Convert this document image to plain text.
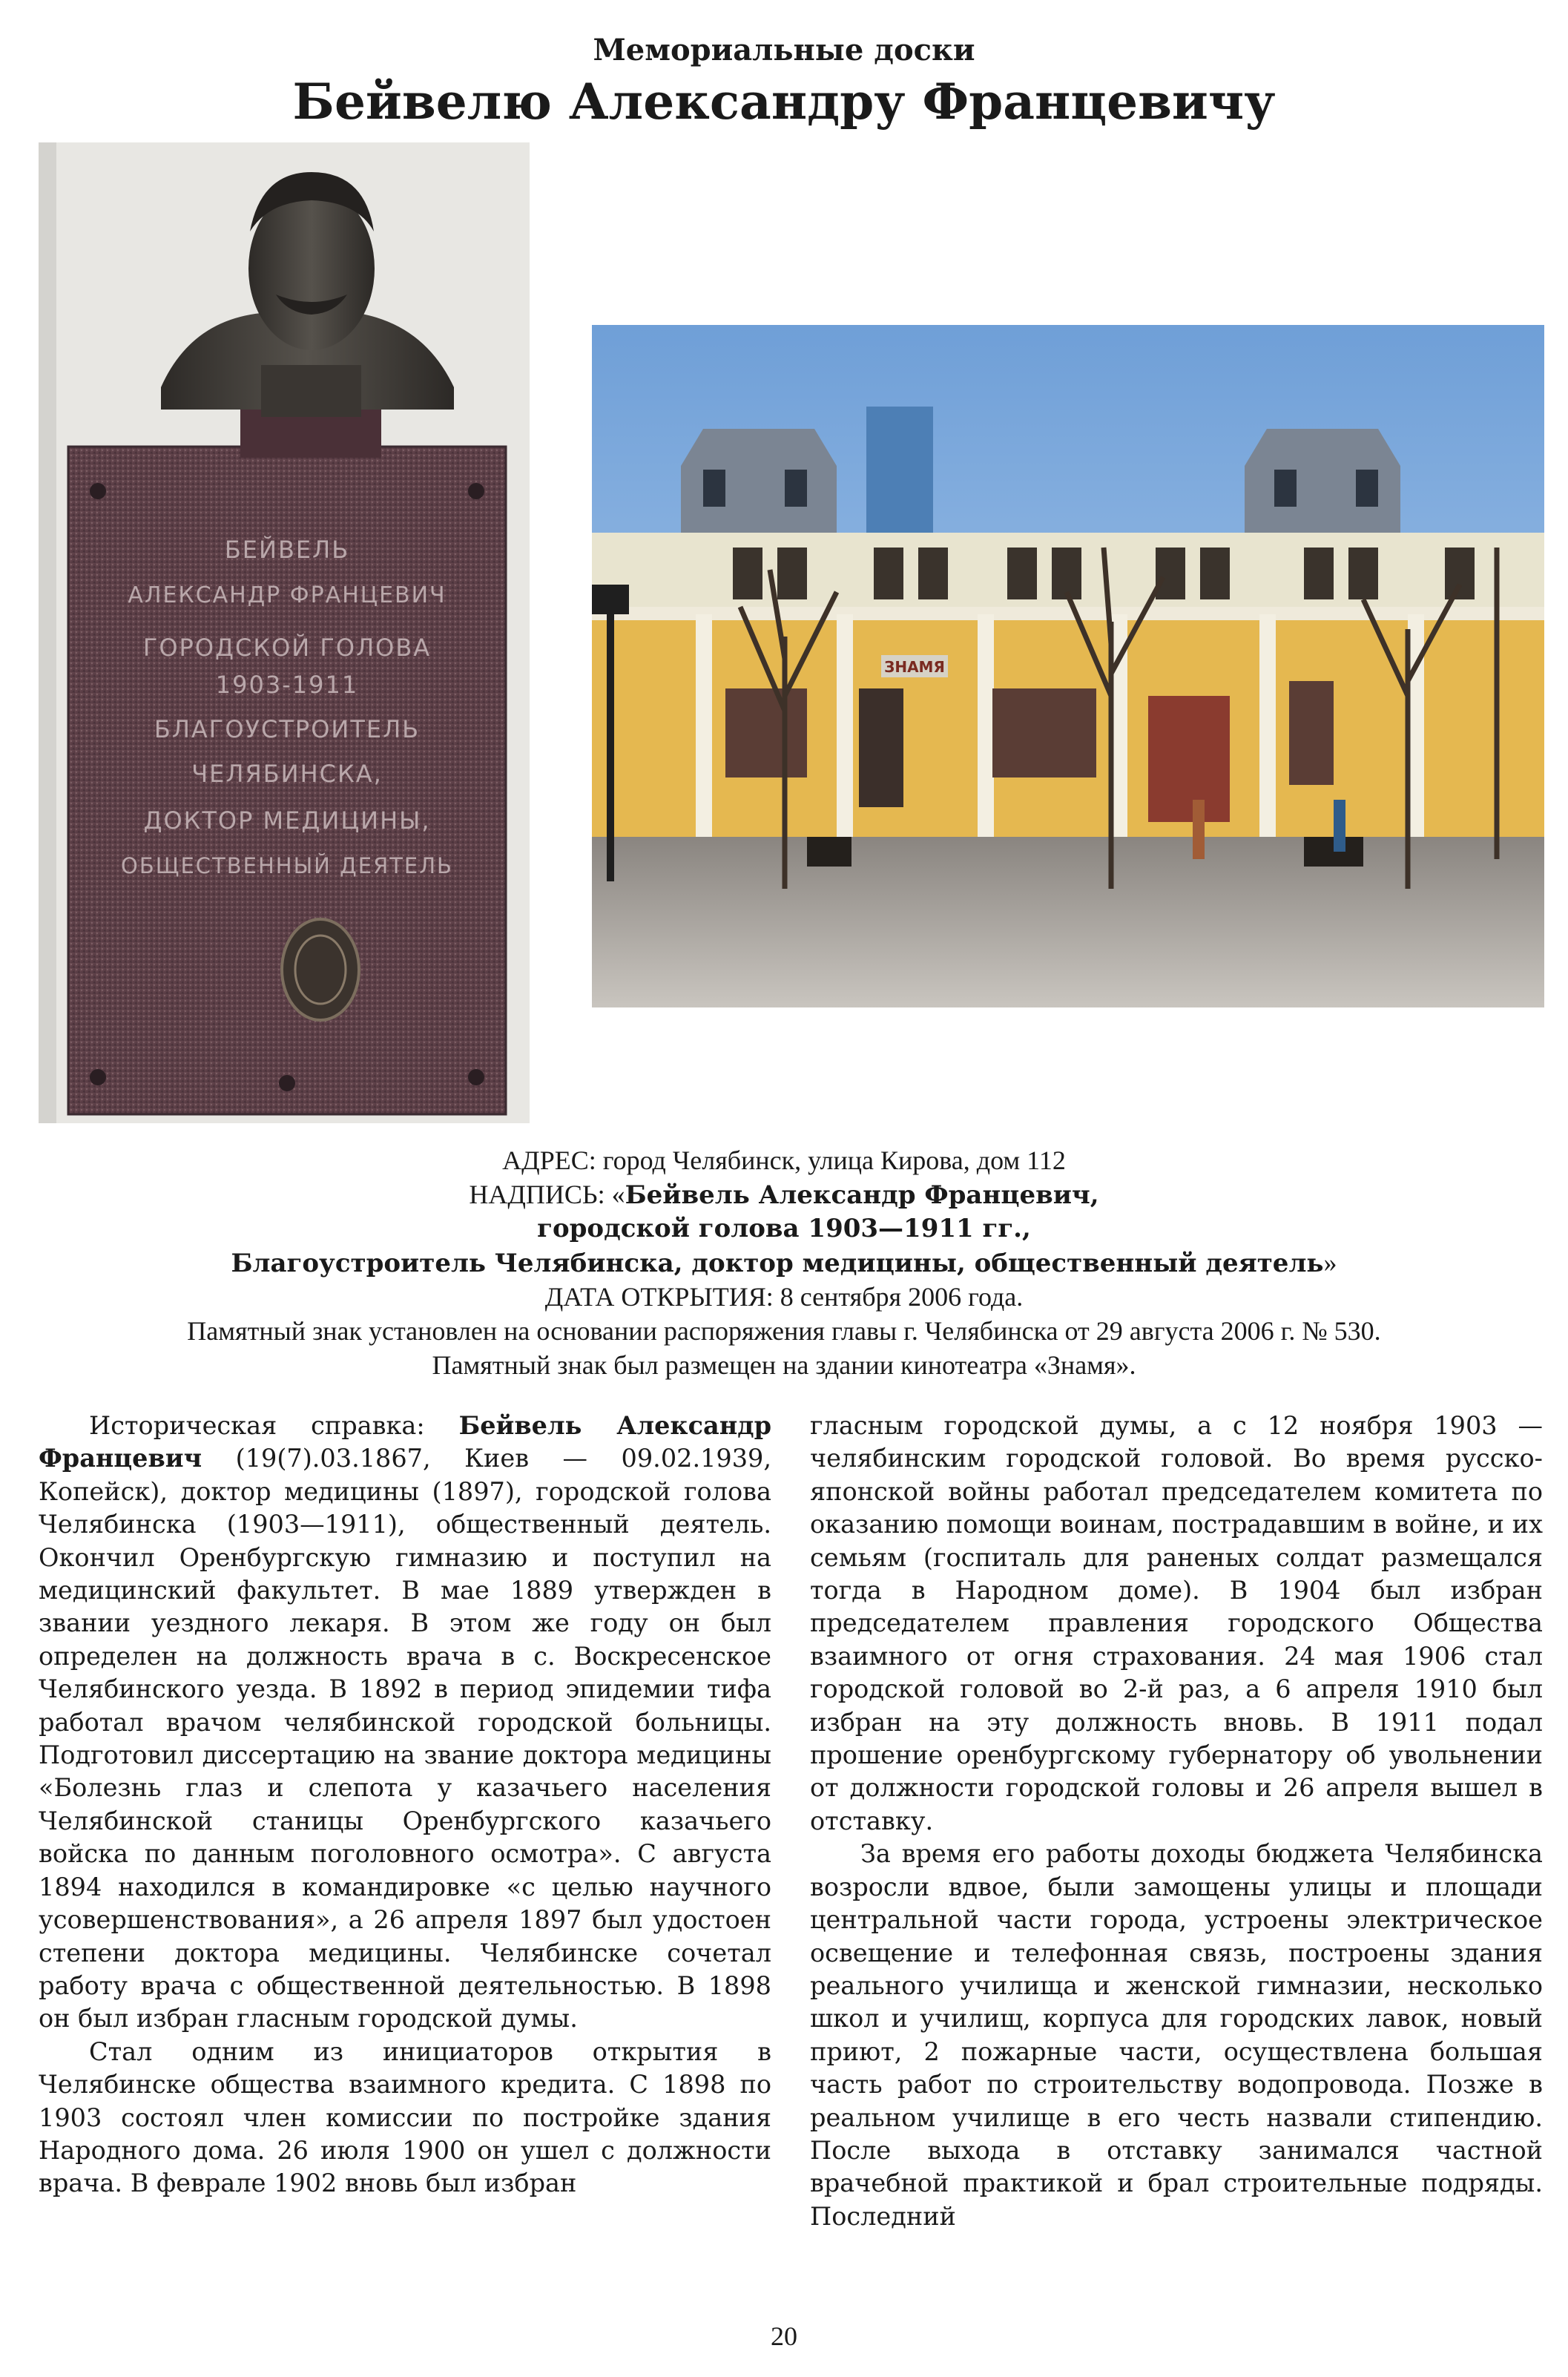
Мемориальные доски
Бейвелю Александру Францевичу
БЕЙВЕЛЬ
АЛЕКСАНДР ФРАНЦЕВИЧ
ГОРОДСКОЙ ГОЛОВА
1903-1911
БЛАГОУСТРОИТЕЛЬ
ЧЕЛЯБИНСКА,
ДОКТОР МЕДИЦИНЫ,
ОБЩЕСТВЕННЫЙ ДЕЯТЕЛЬ
ЗНАМЯ
АДРЕС: город Челябинск, улица Кирова, дом 112
НАДПИСЬ: «Бейвель Александр Францевич,
городской голова 1903—1911 гг.,
Благоустроитель Челябинска, доктор медицины, общественный деятель»
ДАТА ОТКРЫТИЯ: 8 сентября 2006 года.
Памятный знак установлен на основании распоряжения главы г. Челябинска от 29 августа 2006 г. № 530.
Памятный знак был размещен на здании кинотеатра «Знамя».

Историческая справка: Бейвель Александр Францевич (19(7).03.1867, Киев — 09.02.1939, Копейск), доктор медицины (1897), городской голова Челябинска (1903—1911), общественный деятель. Окончил Оренбургскую гимназию и поступил на медицинский факультет. В мае 1889 утвержден в звании уездного лекаря. В этом же году он был определен на должность врача в с. Воскресенское Челябинского уезда. В 1892 в период эпидемии тифа работал врачом челябинской городской больницы. Подготовил диссертацию на звание доктора медицины «Болезнь глаз и слепота у казачьего населения Челябинской станицы Оренбургского казачьего войска по данным поголовного осмотра». С августа 1894 находился в командировке «с целью научного усовершенствования», а 26 апреля 1897 был удостоен степени доктора медицины. Челябинске сочетал работу врача с общественной деятельностью. В 1898 он был избран гласным городской думы.

Стал одним из инициаторов открытия в Челябинске общества взаимного кредита. С 1898 по 1903 состоял член комиссии по постройке здания Народного дома. 26 июля 1900 он ушел с должности врача. В феврале 1902 вновь был избран

гласным городской думы, а с 12 ноября 1903 — челябинским городской головой. Во время русско-японской войны работал председателем комитета по оказанию помощи воинам, пострадавшим в войне, и их семьям (госпиталь для раненых солдат размещался тогда в Народном доме). В 1904 был избран председателем правления городского Общества взаимного от огня страхования. 24 мая 1906 стал городской головой во 2-й раз, а 6 апреля 1910 был избран на эту должность вновь. В 1911 подал прошение оренбургскому губернатору об увольнении от должности городской головы и 26 апреля вышел в отставку.

За время его работы доходы бюджета Челябинска возросли вдвое, были замощены улицы и площади центральной части города, устроены электрическое освещение и телефонная связь, построены здания реального училища и женской гимназии, несколько школ и училищ, корпуса для городских лавок, новый приют, 2 пожарные части, осуществлена большая часть работ по строительству водопровода. Позже в реальном училище в его честь назвали стипендию. После выхода в отставку занимался частной врачебной практикой и брал строительные подряды. Последний

20
